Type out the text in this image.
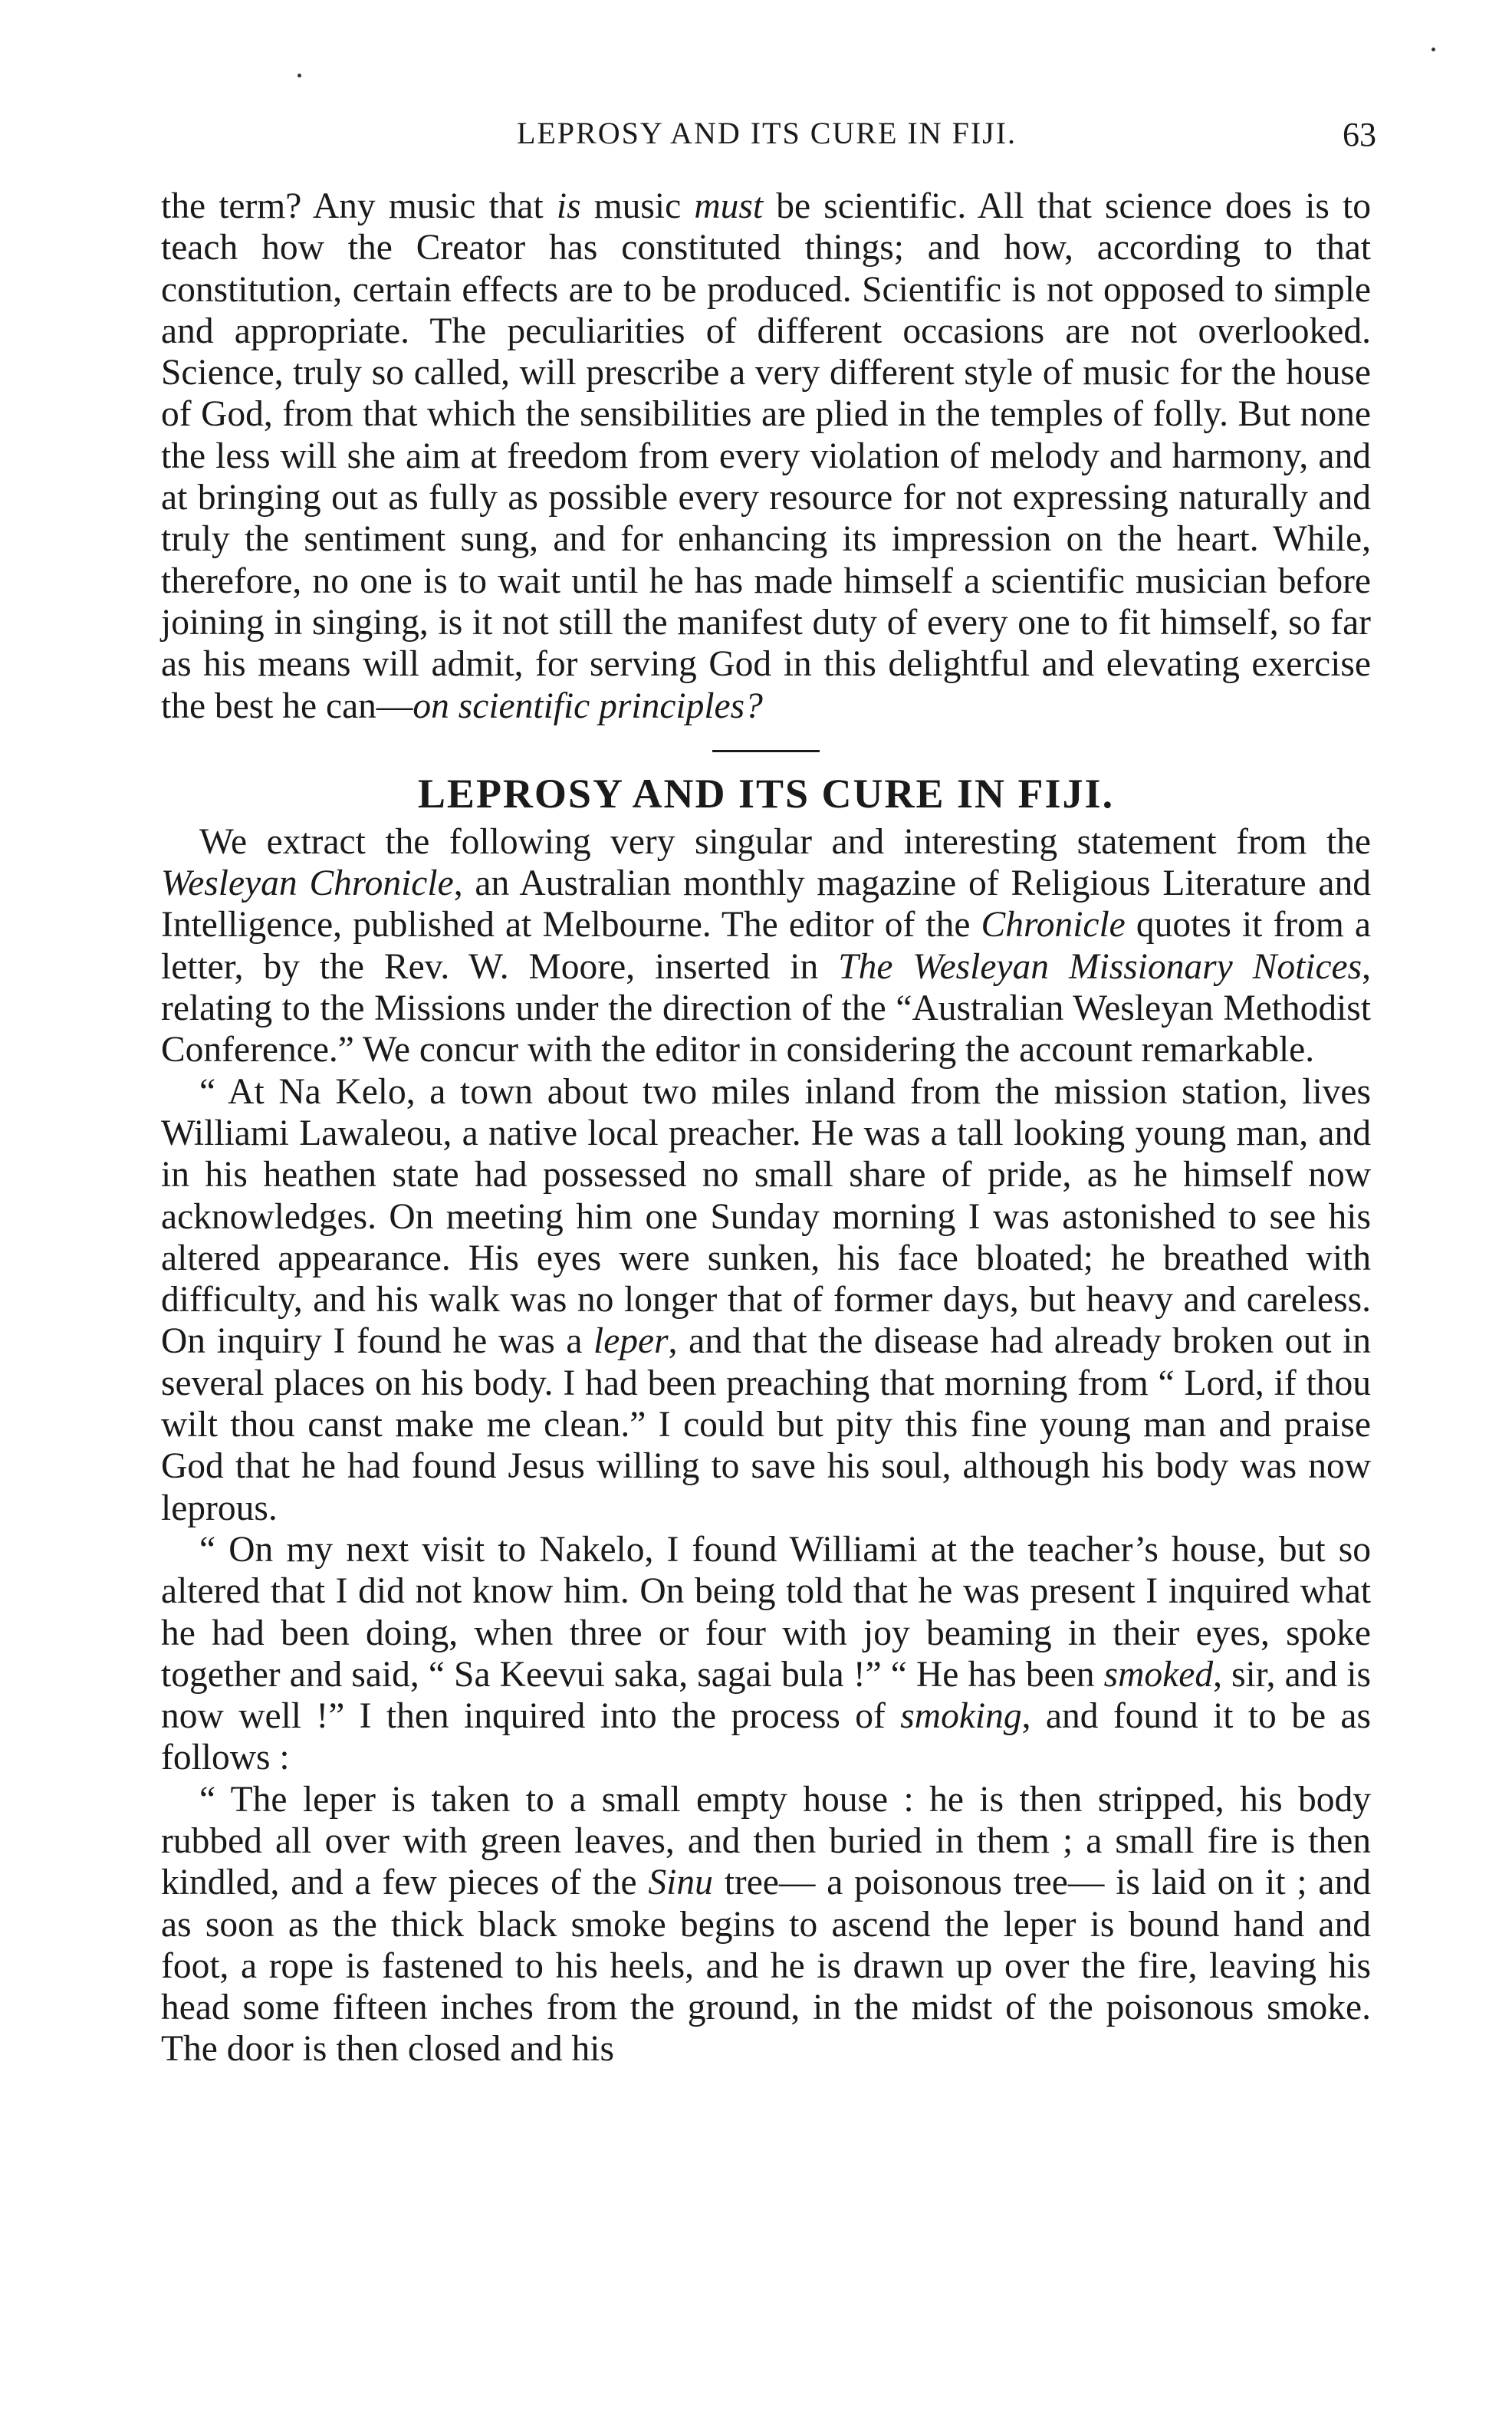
LEPROSY AND ITS CURE IN FIJI.	63

the term? Any music that is music must be scientific. All that science does is to teach how the Creator has constituted things; and how, according to that constitution, certain effects are to be produced. Scientific is not opposed to simple and appropriate. The peculiarities of different occasions are not overlooked. Science, truly so called, will prescribe a very different style of music for the house of God, from that which the sensibilities are plied in the temples of folly. But none the less will she aim at freedom from every violation of melody and harmony, and at bringing out as fully as possible every resource for not expressing naturally and truly the sentiment sung, and for enhancing its impression on the heart. While, therefore, no one is to wait until he has made himself a scientific musician before joining in singing, is it not still the manifest duty of every one to fit himself, so far as his means will admit, for serving God in this delightful and elevating exercise the best he can—on scientific principles?

LEPROSY AND ITS CURE IN FIJI.

We extract the following very singular and interesting statement from the Wesleyan Chronicle, an Australian monthly magazine of Religious Literature and Intelligence, published at Melbourne. The editor of the Chronicle quotes it from a letter, by the Rev. W. Moore, inserted in The Wesleyan Missionary Notices, relating to the Missions under the direction of the “Australian Wesleyan Methodist Conference.” We concur with the editor in considering the account remarkable.

“ At Na Kelo, a town about two miles inland from the mission station, lives Williami Lawaleou, a native local preacher. He was a tall looking young man, and in his heathen state had possessed no small share of pride, as he himself now acknowledges. On meeting him one Sunday morning I was astonished to see his altered appearance. His eyes were sunken, his face bloated; he breathed with difficulty, and his walk was no longer that of former days, but heavy and careless. On inquiry I found he was a leper, and that the disease had already broken out in several places on his body. I had been preaching that morning from “ Lord, if thou wilt thou canst make me clean.” I could but pity this fine young man and praise God that he had found Jesus willing to save his soul, although his body was now leprous.

“ On my next visit to Nakelo, I found Williami at the teacher’s house, but so altered that I did not know him. On being told that he was present I inquired what he had been doing, when three or four with joy beaming in their eyes, spoke together and said, “ Sa Keevui saka, sagai bula !” “ He has been smoked, sir, and is now well !” I then inquired into the process of smoking, and found it to be as follows :

“ The leper is taken to a small empty house : he is then stripped, his body rubbed all over with green leaves, and then buried in them ; a small fire is then kindled, and a few pieces of the Sinu tree— a poisonous tree— is laid on it ; and as soon as the thick black smoke begins to ascend the leper is bound hand and foot, a rope is fastened to his heels, and he is drawn up over the fire, leaving his head some fifteen inches from the ground, in the midst of the poisonous smoke. The door is then closed and his
